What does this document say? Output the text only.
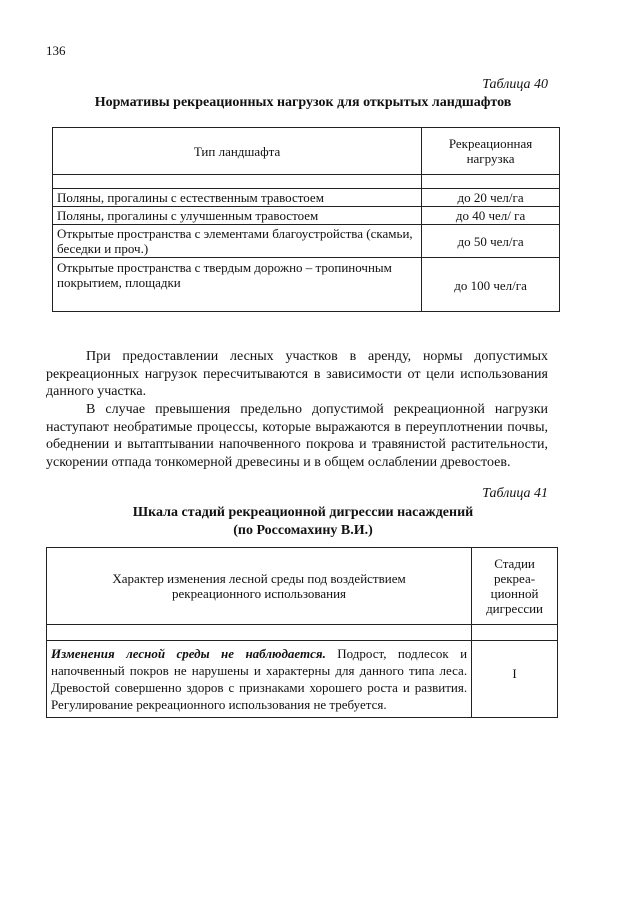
136
Таблица 40
Нормативы рекреационных нагрузок для открытых ландшафтов
Тип ландшафта	Рекреационная нагрузка

Поляны, прогалины с естественным травостоем	до 20 чел/га
Поляны, прогалины с улучшенным травостоем	до 40 чел/ га
Открытые пространства с элементами благоустройства (скамьи, беседки и проч.)	до 50 чел/га
Открытые пространства с твердым дорожно – тропиночным покрытием, площадки	до 100 чел/га

При предоставлении лесных участков в аренду, нормы допустимых рекреационных нагрузок пересчитываются в зависимости от цели использования данного участка.

В случае превышения предельно допустимой рекреационной нагрузки наступают необратимые процессы, которые выражаются в переуплотнении почвы, обеднении и вытаптывании напочвенного покрова и травянистой растительности, ускорении отпада тонкомерной древесины и в общем ослаблении древостоев.

Таблица 41
Шкала стадий рекреационной дигрессии насаждений
(по Россомахину В.И.)
Характер изменения лесной среды под воздействием рекреационного использования	Стадии рекреа-ционной дигрессии

Изменения лесной среды не наблюдается. Подрост, подлесок и напочвенный покров не нарушены и характерны для данного типа леса. Древостой совершенно здоров с признаками хорошего роста и развития. Регулирование рекреационного использования не требуется.	I
